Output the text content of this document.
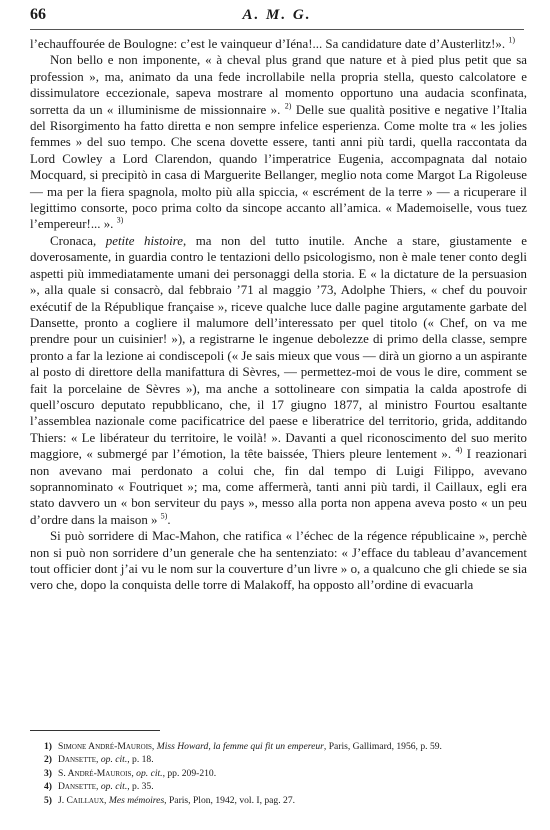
66	A. M. G.

l’echauffourée de Boulogne: c’est le vainqueur d’Iéna!... Sa candidature date d’Austerlitz!». $^{1)}$

Non bello e non imponente, « à cheval plus grand que nature et à pied plus petit que sa profession », ma, animato da una fede incrollabile nella propria stella, questo calcolatore e dissimulatore eccezionale, sapeva mostrare al momento opportuno una audacia sconfinata, sorretta da un « illuminisme de missionnaire ». $^{2)}$ Delle sue qualità positive e negative l’Italia del Risorgimento ha fatto diretta e non sempre infelice esperienza. Come molte tra « les jolies femmes » del suo tempo. Che scena dovette essere, tanti anni più tardi, quella raccontata da Lord Cowley a Lord Clarendon, quando l’imperatrice Eugenia, accompagnata dal notaio Mocquard, si precipitò in casa di Marguerite Bellanger, meglio nota come Margot La Rigoleuse — ma per la fiera spagnola, molto più alla spiccia, « escrément de la terre » — a ricuperare il legittimo consorte, poco prima colto da sincope accanto all’amica. « Mademoiselle, vous tuez l’empereur!... ». $^{3)}$

Cronaca, petite histoire, ma non del tutto inutile. Anche a stare, giustamente e doverosamente, in guardia contro le tentazioni dello psicologismo, non è male tener conto degli aspetti più immediatamente umani dei personaggi della storia. E « la dictature de la persuasion », alla quale si consacrò, dal febbraio ’71 al maggio ’73, Adolphe Thiers, « chef du pouvoir exécutif de la République française », riceve qualche luce dalle pagine argutamente garbate del Dansette, pronto a cogliere il malumore dell’interessato per quel titolo (« Chef, on va me prendre pour un cuisinier! »), a registrarne le ingenue debolezze di primo della classe, sempre pronto a far la lezione ai condiscepoli (« Je sais mieux que vous — dirà un giorno a un aspirante al posto di direttore della manifattura di Sèvres, — permettez-moi de vous le dire, comment se fait la porcelaine de Sèvres »), ma anche a sottolineare con simpatia la calda apostrofe di quell’oscuro deputato repubblicano, che, il 17 giugno 1877, al ministro Fourtou esaltante l’assemblea nazionale come pacificatrice del paese e liberatrice del territorio, grida, additando Thiers: « Le libérateur du territoire, le voilà! ». Davanti a quel riconoscimento del suo merito maggiore, « submergé par l’émotion, la tête baissée, Thiers pleure lentement ». $^{4)}$ I reazionari non avevano mai perdonato a colui che, fin dal tempo di Luigi Filippo, avevano soprannominato « Foutriquet »; ma, come affermerà, tanti anni più tardi, il Caillaux, egli era stato davvero un « bon serviteur du pays », messo alla porta non appena aveva posto « un peu d’ordre dans la maison » $^{5)}$.

Si può sorridere di Mac-Mahon, che ratifica « l’échec de la régence républicaine », perchè non si può non sorridere d’un generale che ha sentenziato: « J’efface du tableau d’avancement tout officier dont j’ai vu le nom sur la couverture d’un livre » o, a qualcuno che gli chiede se sia vero che, dopo la conquista delle torre di Malakoff, ha opposto all’ordine di evacuarla

1) Simone André-Maurois, Miss Howard, la femme qui fit un empereur, Paris, Gallimard, 1956, p. 59.

2) Dansette, op. cit., p. 18.

3) S. André-Maurois, op. cit., pp. 209-210.

4) Dansette, op. cit., p. 35.

5) J. Caillaux, Mes mémoires, Paris, Plon, 1942, vol. I, pag. 27.
